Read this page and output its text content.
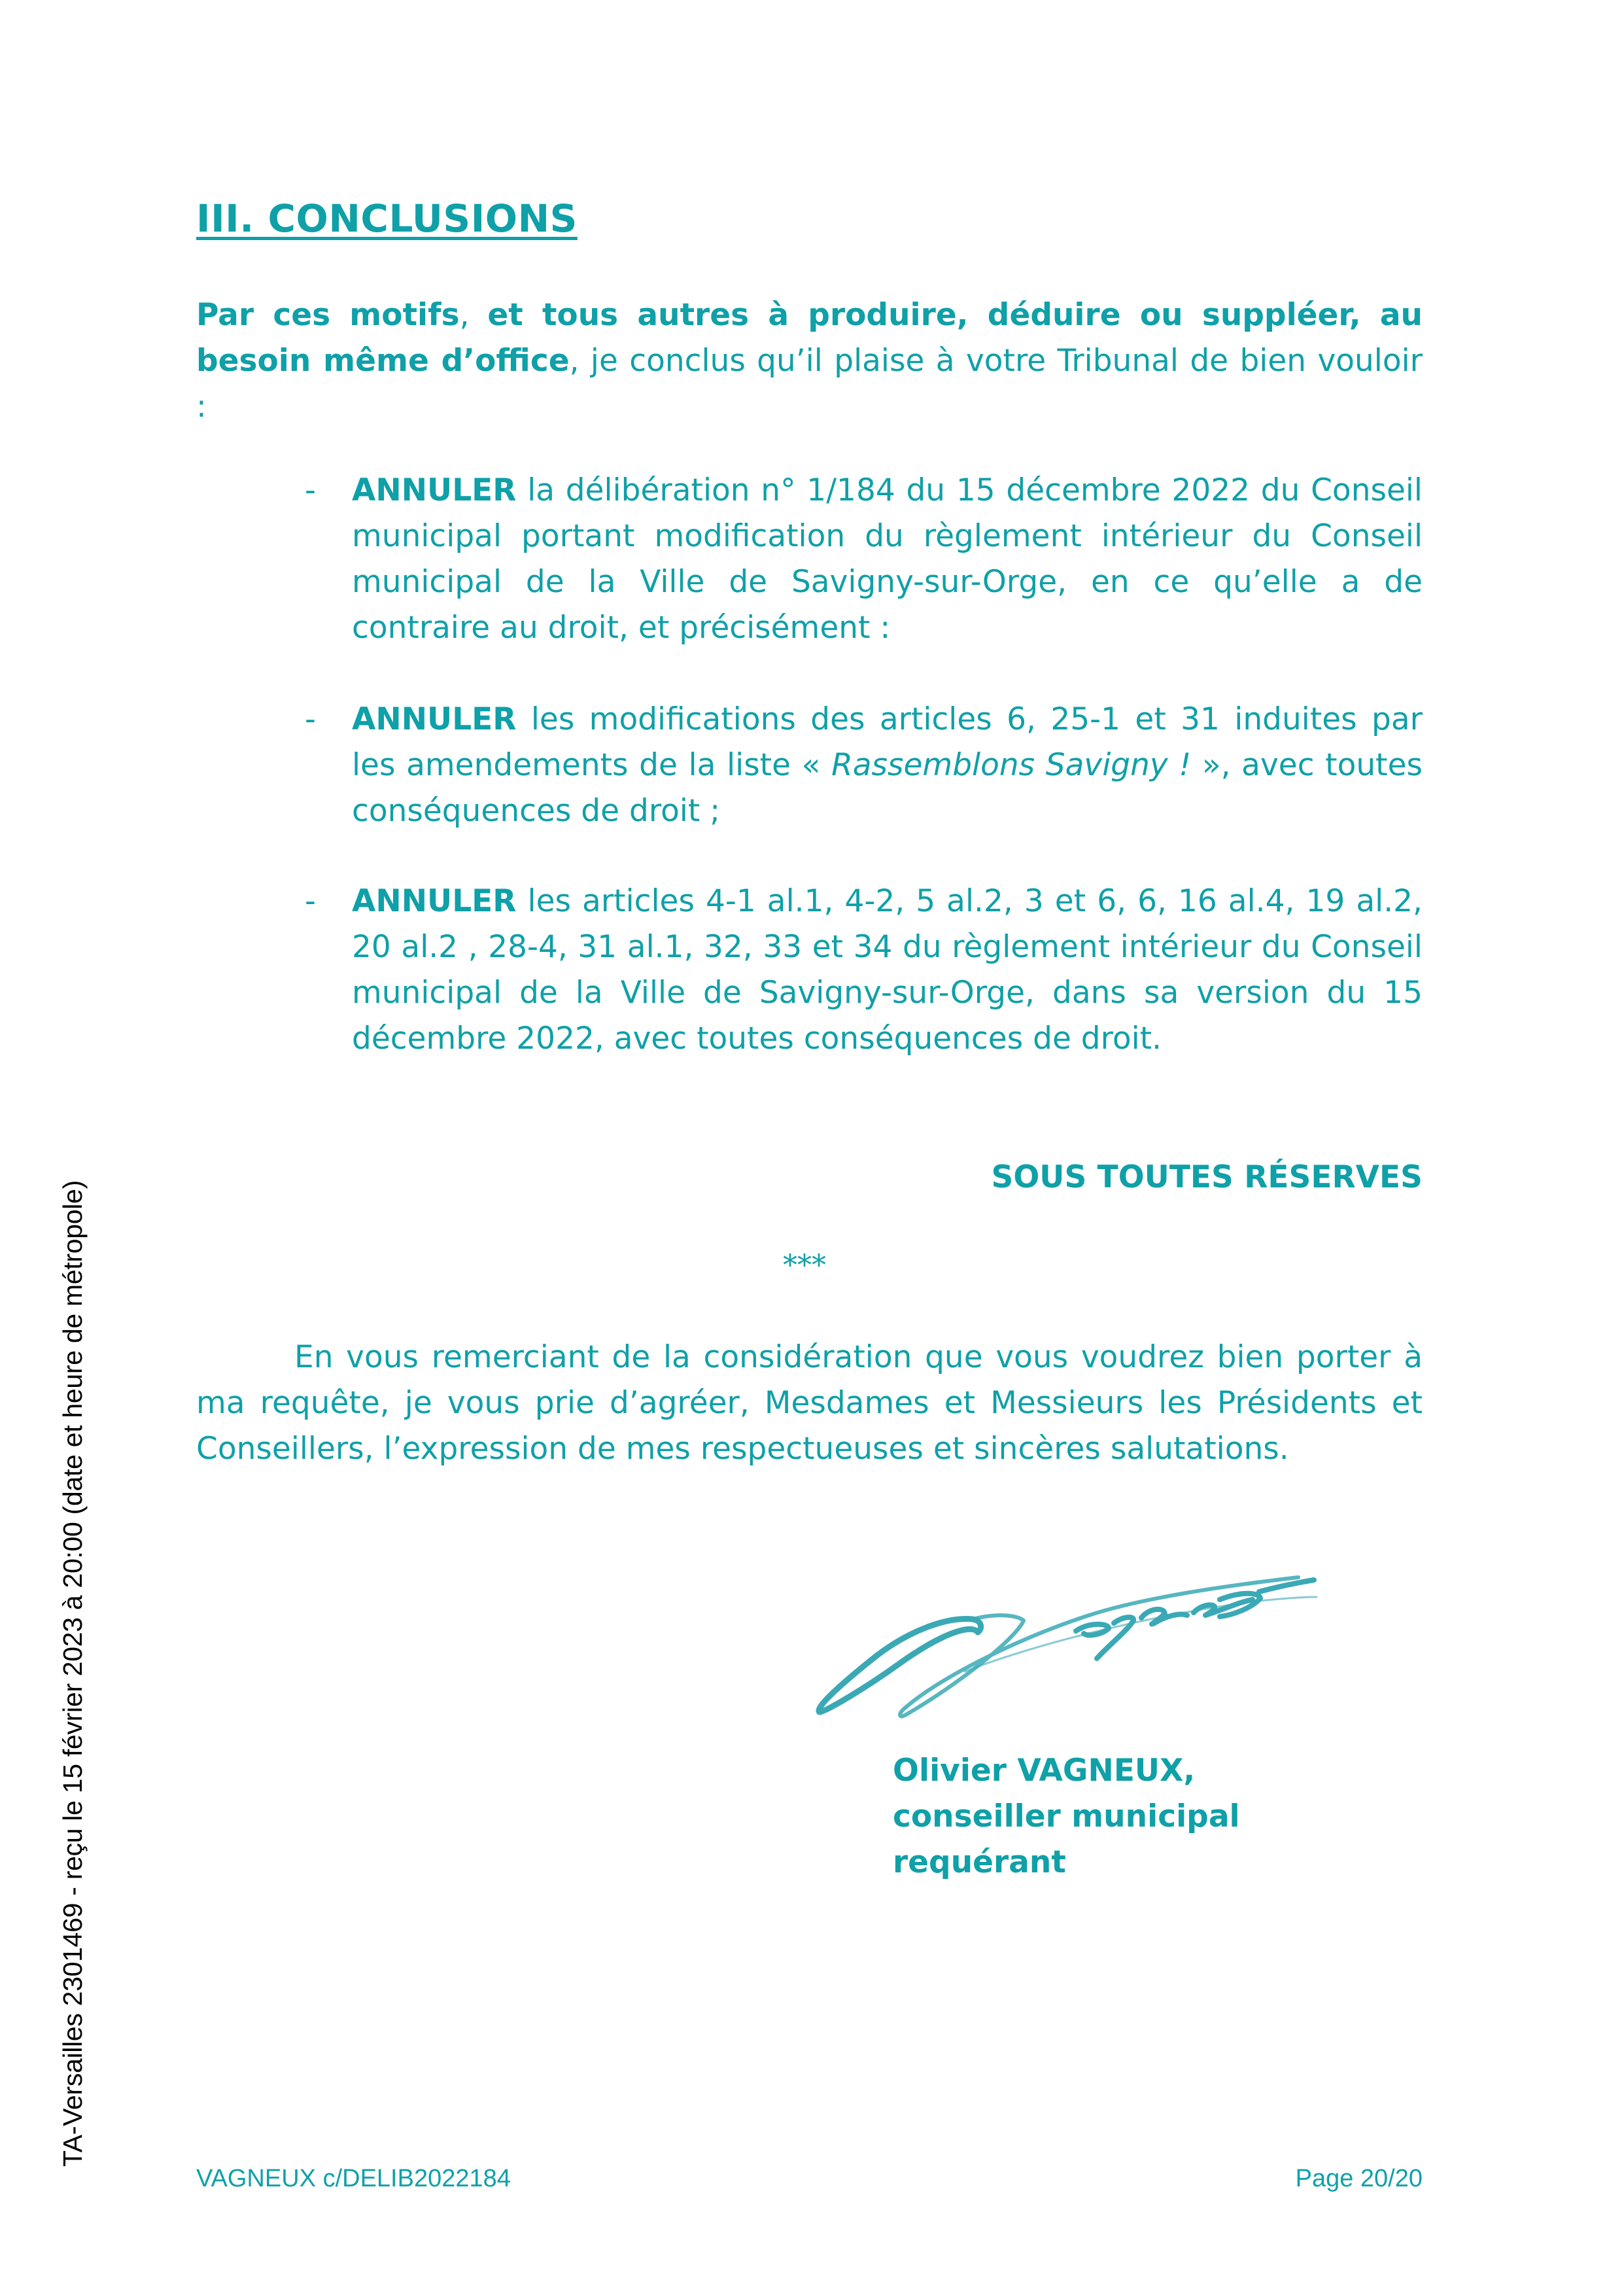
III. CONCLUSIONS
Par ces motifs, et tous autres à produire, déduire ou suppléer, au besoin même d’office, je conclus qu’il plaise à votre Tribunal de bien vouloir :
- ANNULER la délibération n° 1/184 du 15 décembre 2022 du Conseil municipal portant modification du règlement intérieur du Conseil municipal de la Ville de Savigny-sur-Orge, en ce qu’elle a de contraire au droit, et précisément :
- ANNULER les modifications des articles 6, 25-1 et 31 induites par les amendements de la liste « Rassemblons Savigny ! », avec toutes conséquences de droit ;
- ANNULER les articles 4-1 al.1, 4-2, 5 al.2, 3 et 6, 6, 16 al.4, 19 al.2, 20 al.2 , 28-4, 31 al.1, 32, 33 et 34 du règlement intérieur du Conseil municipal de la Ville de Savigny-sur-Orge, dans sa version du 15 décembre 2022, avec toutes conséquences de droit.
SOUS TOUTES RÉSERVES
***

En vous remerciant de la considération que vous voudrez bien porter à ma requête, je vous prie d’agréer, Mesdames et Messieurs les Présidents et Conseillers, l’expression de mes respectueuses et sincères salutations.

Olivier VAGNEUX,
conseiller municipal
requérant
VAGNEUX c/DELIB2022184	Page 20/20
TA-Versailles 2301469 - reçu le 15 février 2023 à 20:00 (date et heure de métropole)
